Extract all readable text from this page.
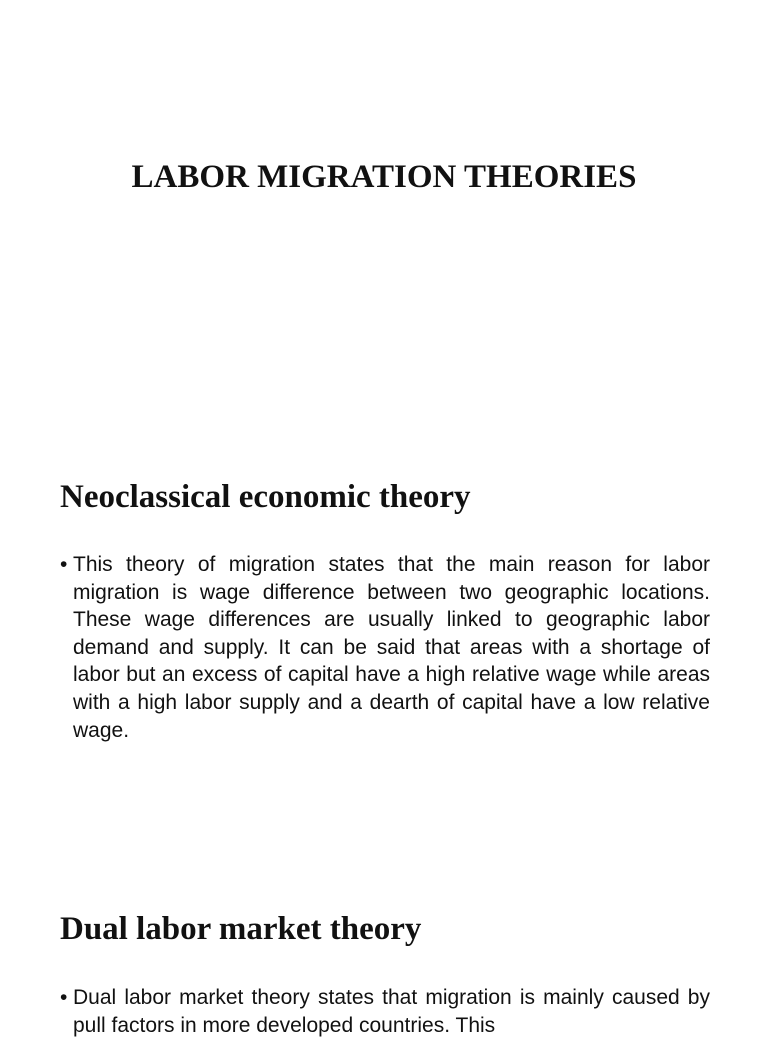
LABOR MIGRATION THEORIES
Neoclassical economic theory
• This theory of migration states that the main reason for labor migration is wage difference between two geographic locations. These wage differences are usually linked to geographic labor demand and supply. It can be said that areas with a shortage of labor but an excess of capital have a high relative wage while areas with a high labor supply and a dearth of capital have a low relative wage.
Dual labor market theory
• Dual labor market theory states that migration is mainly caused by pull factors in more developed countries. This
